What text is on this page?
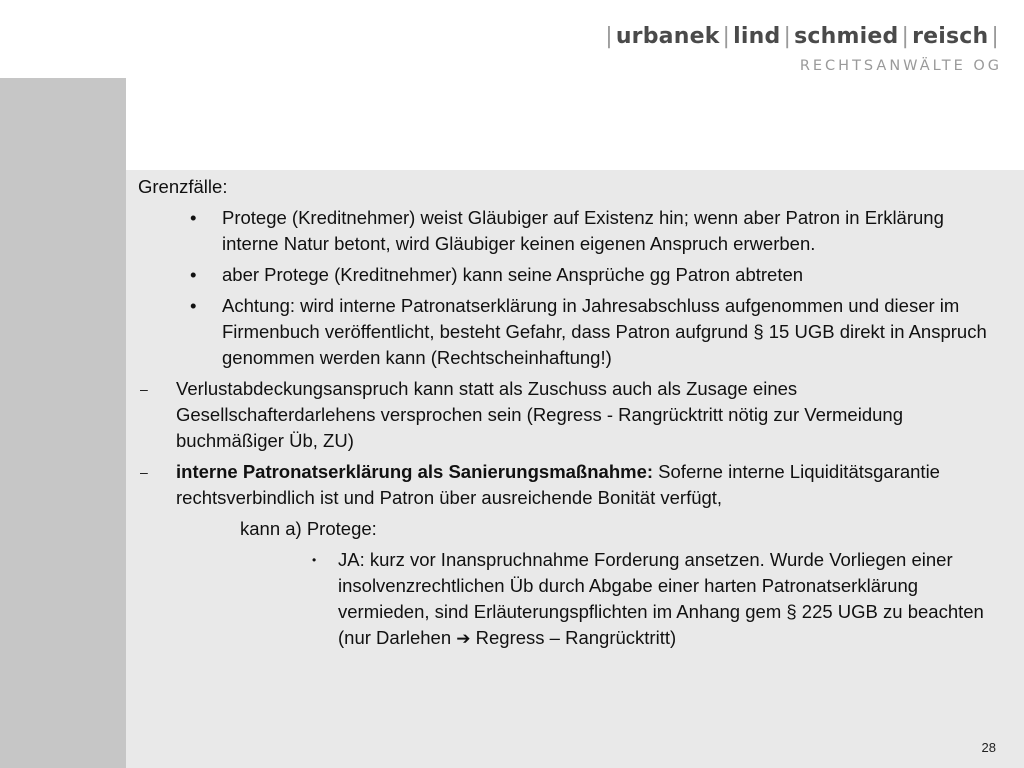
| urbanek | lind | schmied | reisch |
RECHTSANWÄLTE OG
Grenzfälle:
• Protege (Kreditnehmer) weist Gläubiger auf Existenz hin; wenn aber Patron in Erklärung interne Natur betont, wird Gläubiger keinen eigenen Anspruch erwerben.
• aber Protege (Kreditnehmer) kann seine Ansprüche gg Patron abtreten
• Achtung: wird interne Patronatserklärung in Jahresabschluss aufgenommen und dieser im Firmenbuch veröffentlicht, besteht Gefahr, dass Patron aufgrund § 15 UGB direkt in Anspruch genommen werden kann (Rechtscheinhaftung!)
– Verlustabdeckungsanspruch kann statt als Zuschuss auch als Zusage eines Gesellschafterdarlehens versprochen sein (Regress - Rangrücktritt nötig zur Vermeidung buchmäßiger Üb, ZU)
– interne Patronatserklärung als Sanierungsmaßnahme: Soferne interne Liquiditätsgarantie rechtsverbindlich ist und Patron über ausreichende Bonität verfügt,
kann a) Protege:
• JA: kurz vor Inanspruchnahme Forderung ansetzen. Wurde Vorliegen einer insolvenzrechtlichen Üb durch Abgabe einer harten Patronatserklärung vermieden, sind Erläuterungspflichten im Anhang gem § 225 UGB zu beachten (nur Darlehen ➔ Regress – Rangrücktritt)
28
